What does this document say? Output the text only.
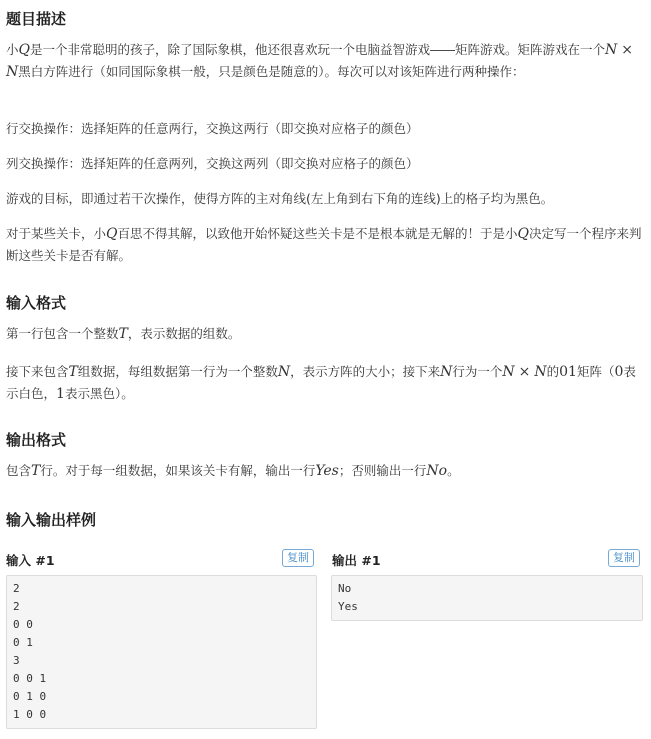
题目描述

小Q是一个非常聪明的孩子，除了国际象棋，他还很喜欢玩一个电脑益智游戏――矩阵游戏。矩阵游戏在一个N × N黑白方阵进行（如同国际象棋一般，只是颜色是随意的）。每次可以对该矩阵进行两种操作：

行交换操作：选择矩阵的任意两行，交换这两行（即交换对应格子的颜色）

列交换操作：选择矩阵的任意两列，交换这两列（即交换对应格子的颜色）

游戏的目标，即通过若干次操作，使得方阵的主对角线(左上角到右下角的连线)上的格子均为黑色。

对于某些关卡，小Q百思不得其解，以致他开始怀疑这些关卡是不是根本就是无解的！于是小Q决定写一个程序来判断这些关卡是否有解。

输入格式

第一行包含一个整数T，表示数据的组数。

接下来包含T组数据，每组数据第一行为一个整数N，表示方阵的大小；接下来N行为一个N × N的01矩阵（0表示白色，1表示黑色）。

输出格式

包含T行。对于每一组数据，如果该关卡有解，输出一行Yes；否则输出一行No。

输入输出样例
输入 #1	复制
2
2
0 0
0 1
3
0 0 1
0 1 0
1 0 0
输出 #1	复制
No
Yes
